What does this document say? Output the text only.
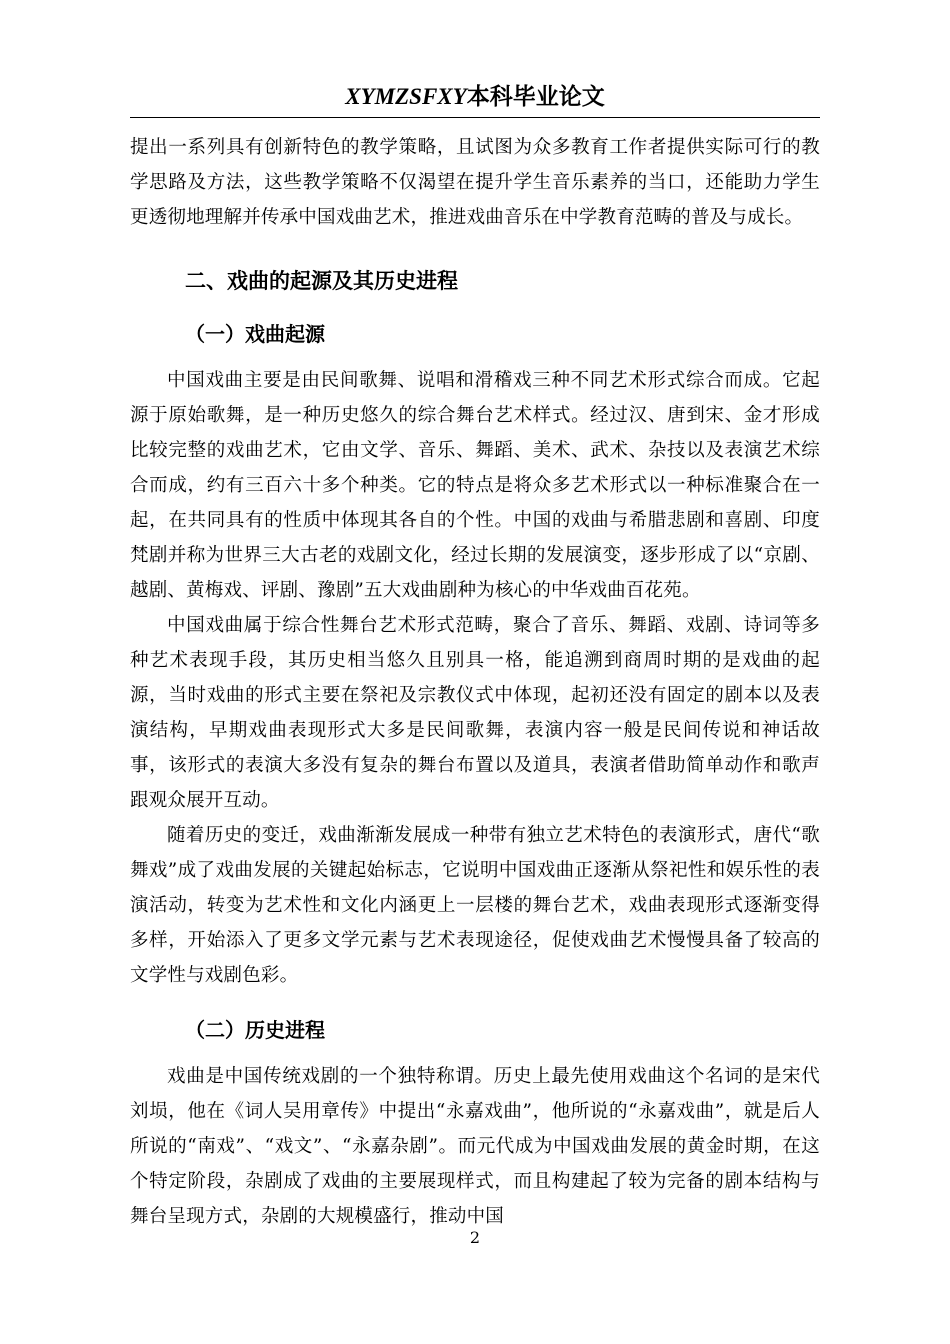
XYMZSFXY本科毕业论文

提出一系列具有创新特色的教学策略，且试图为众多教育工作者提供实际可行的教学思路及方法，这些教学策略不仅渴望在提升学生音乐素养的当口，还能助力学生更透彻地理解并传承中国戏曲艺术，推进戏曲音乐在中学教育范畴的普及与成长。

二、戏曲的起源及其历史进程
（一）戏曲起源

中国戏曲主要是由民间歌舞、说唱和滑稽戏三种不同艺术形式综合而成。它起源于原始歌舞，是一种历史悠久的综合舞台艺术样式。经过汉、唐到宋、金才形成比较完整的戏曲艺术，它由文学、音乐、舞蹈、美术、武术、杂技以及表演艺术综合而成，约有三百六十多个种类。它的特点是将众多艺术形式以一种标准聚合在一起，在共同具有的性质中体现其各自的个性。中国的戏曲与希腊悲剧和喜剧、印度梵剧并称为世界三大古老的戏剧文化，经过长期的发展演变，逐步形成了以“京剧、越剧、黄梅戏、评剧、豫剧”五大戏曲剧种为核心的中华戏曲百花苑。

中国戏曲属于综合性舞台艺术形式范畴，聚合了音乐、舞蹈、戏剧、诗词等多种艺术表现手段，其历史相当悠久且别具一格，能追溯到商周时期的是戏曲的起源，当时戏曲的形式主要在祭祀及宗教仪式中体现，起初还没有固定的剧本以及表演结构，早期戏曲表现形式大多是民间歌舞，表演内容一般是民间传说和神话故事，该形式的表演大多没有复杂的舞台布置以及道具，表演者借助简单动作和歌声跟观众展开互动。

随着历史的变迁，戏曲渐渐发展成一种带有独立艺术特色的表演形式，唐代“歌舞戏”成了戏曲发展的关键起始标志，它说明中国戏曲正逐渐从祭祀性和娱乐性的表演活动，转变为艺术性和文化内涵更上一层楼的舞台艺术，戏曲表现形式逐渐变得多样，开始添入了更多文学元素与艺术表现途径，促使戏曲艺术慢慢具备了较高的文学性与戏剧色彩。

（二）历史进程

戏曲是中国传统戏剧的一个独特称谓。历史上最先使用戏曲这个名词的是宋代刘埙，他在《词人吴用章传》中提出“永嘉戏曲”，他所说的“永嘉戏曲”，就是后人所说的“南戏”、“戏文”、“永嘉杂剧”。而元代成为中国戏曲发展的黄金时期，在这个特定阶段，杂剧成了戏曲的主要展现样式，而且构建起了较为完备的剧本结构与舞台呈现方式，杂剧的大规模盛行，推动中国

2
